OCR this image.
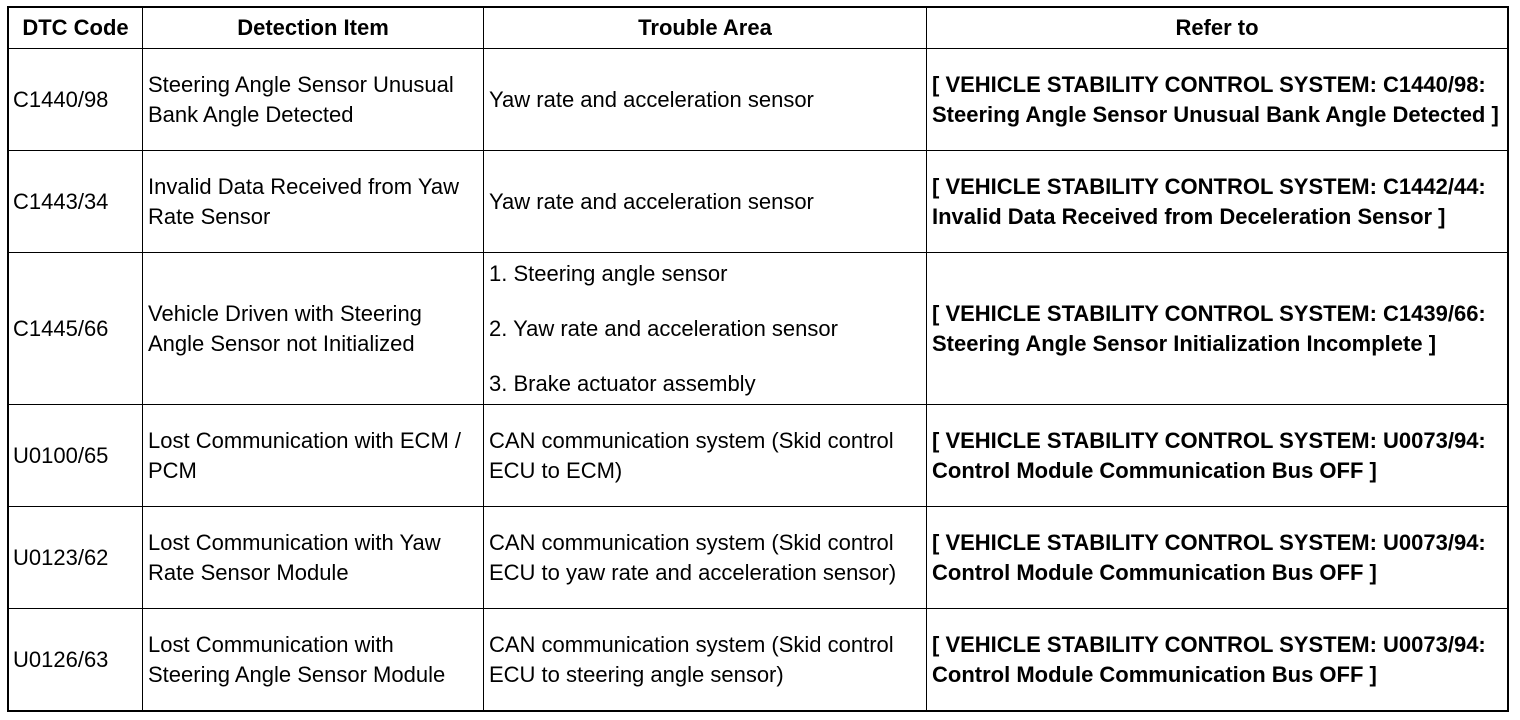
DTC Code	Detection Item	Trouble Area	Refer to
C1440/98	Steering Angle Sensor Unusual Bank Angle Detected	Yaw rate and acceleration sensor	[ VEHICLE STABILITY CONTROL SYSTEM: C1440/98: Steering Angle Sensor Unusual Bank Angle Detected ]
C1443/34	Invalid Data Received from Yaw Rate Sensor	Yaw rate and acceleration sensor	[ VEHICLE STABILITY CONTROL SYSTEM: C1442/44: Invalid Data Received from Deceleration Sensor ]
C1445/66	Vehicle Driven with Steering Angle Sensor not Initialized	1. Steering angle sensor
2. Yaw rate and acceleration sensor
3. Brake actuator assembly	[ VEHICLE STABILITY CONTROL SYSTEM: C1439/66: Steering Angle Sensor Initialization Incomplete ]
U0100/65	Lost Communication with ECM / PCM	CAN communication system (Skid control ECU to ECM)	[ VEHICLE STABILITY CONTROL SYSTEM: U0073/94: Control Module Communication Bus OFF ]
U0123/62	Lost Communication with Yaw Rate Sensor Module	CAN communication system (Skid control ECU to yaw rate and acceleration sensor)	[ VEHICLE STABILITY CONTROL SYSTEM: U0073/94: Control Module Communication Bus OFF ]
U0126/63	Lost Communication with Steering Angle Sensor Module	CAN communication system (Skid control ECU to steering angle sensor)	[ VEHICLE STABILITY CONTROL SYSTEM: U0073/94: Control Module Communication Bus OFF ]
